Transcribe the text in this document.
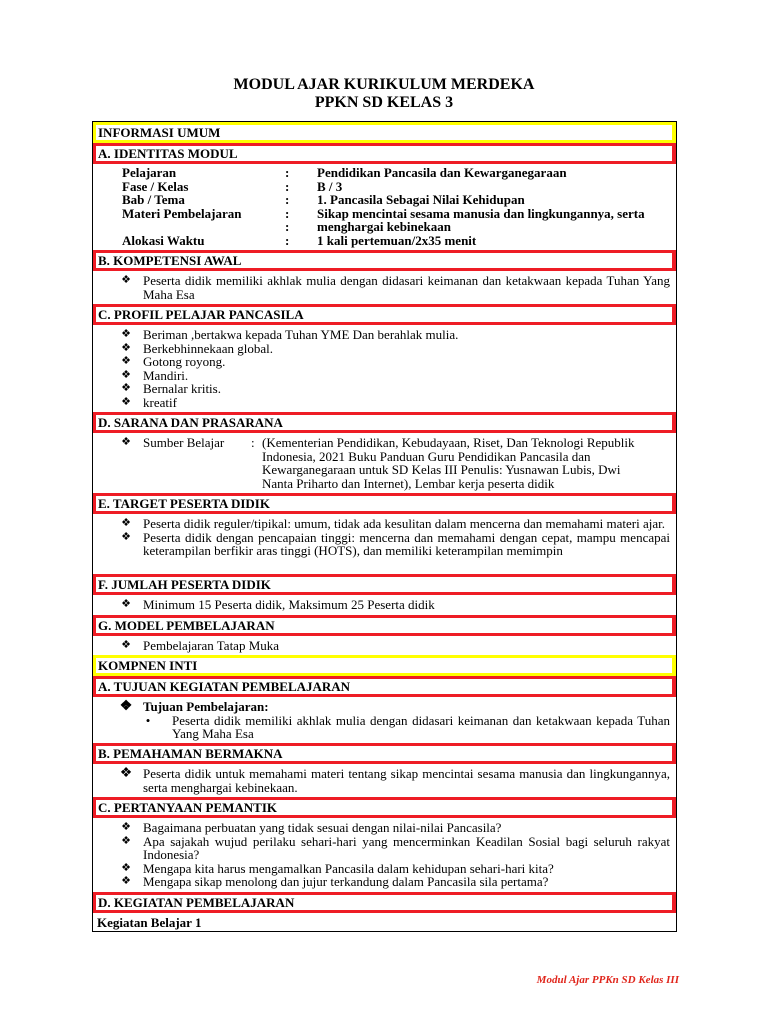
MODUL AJAR KURIKULUM MERDEKA
PPKN SD KELAS 3
INFORMASI UMUM
A. IDENTITAS MODUL
Pelajaran	: Pendidikan Pancasila dan Kewarganegaraan
Fase / Kelas	: B / 3
Bab / Tema	: 1. Pancasila Sebagai Nilai Kehidupan
Materi Pembelajaran	: Sikap mencintai sesama manusia dan lingkungannya, serta
: menghargai kebinekaan
Alokasi Waktu	: 1 kali pertemuan/2x35 menit
B. KOMPETENSI AWAL
❖ Peserta didik memiliki akhlak mulia dengan didasari keimanan dan ketakwaan kepada Tuhan Yang Maha Esa
C. PROFIL PELAJAR PANCASILA
❖ Beriman ,bertakwa kepada Tuhan YME Dan berahlak mulia.
❖ Berkebhinnekaan global.
❖ Gotong royong.
❖ Mandiri.
❖ Bernalar kritis.
❖ kreatif
D. SARANA DAN PRASARANA
❖ Sumber Belajar : (Kementerian Pendidikan, Kebudayaan, Riset, Dan Teknologi Republik
Indonesia, 2021 Buku Panduan Guru Pendidikan Pancasila dan
Kewarganegaraan untuk SD Kelas III Penulis: Yusnawan Lubis, Dwi
Nanta Priharto dan Internet), Lembar kerja peserta didik
E. TARGET PESERTA DIDIK
❖ Peserta didik reguler/tipikal: umum, tidak ada kesulitan dalam mencerna dan memahami materi ajar.
❖ Peserta didik dengan pencapaian tinggi: mencerna dan memahami dengan cepat, mampu mencapai keterampilan berfikir aras tinggi (HOTS), dan memiliki keterampilan memimpin
F. JUMLAH PESERTA DIDIK
❖ Minimum 15 Peserta didik, Maksimum 25 Peserta didik
G. MODEL PEMBELAJARAN
❖ Pembelajaran Tatap Muka
KOMPNEN INTI
A. TUJUAN KEGIATAN PEMBELAJARAN
❖ Tujuan Pembelajaran:
•	Peserta didik memiliki akhlak mulia dengan didasari keimanan dan ketakwaan kepada Tuhan Yang Maha Esa
B. PEMAHAMAN BERMAKNA
❖ Peserta didik untuk memahami materi tentang sikap mencintai sesama manusia dan lingkungannya, serta menghargai kebinekaan.
C. PERTANYAAN PEMANTIK
❖ Bagaimana perbuatan yang tidak sesuai dengan nilai-nilai Pancasila?
❖ Apa sajakah wujud perilaku sehari-hari yang mencerminkan Keadilan Sosial bagi seluruh rakyat Indonesia?
❖ Mengapa kita harus mengamalkan Pancasila dalam kehidupan sehari-hari kita?
❖ Mengapa sikap menolong dan jujur terkandung dalam Pancasila sila pertama?
D. KEGIATAN PEMBELAJARAN
Kegiatan Belajar 1
Modul Ajar PPKn SD Kelas III
